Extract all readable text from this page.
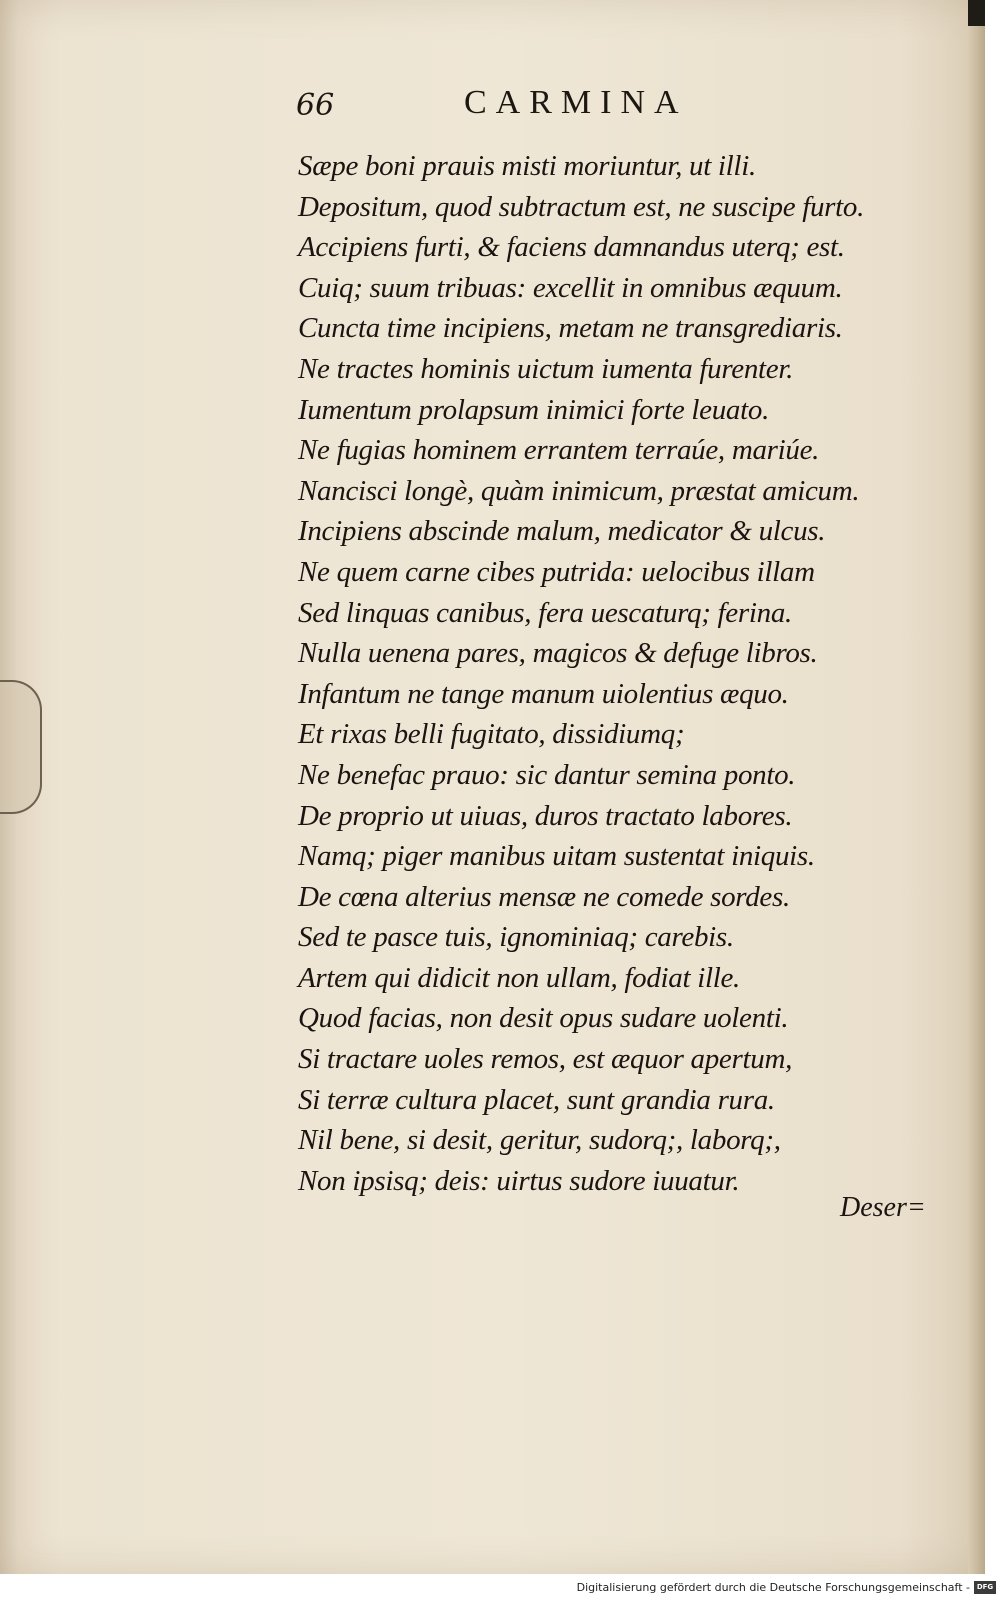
66	CARMINA
Sæpe boni prauis misti moriuntur, ut illi.
Depositum, quod subtractum est, ne suscipe furto.
Accipiens furti, & faciens damnandus uterq; est.
Cuiq; suum tribuas: excellit in omnibus æquum.
Cuncta time incipiens, metam ne transgrediaris.
Ne tractes hominis uictum iumenta furenter.
Iumentum prolapsum inimici forte leuato.
Ne fugias hominem errantem terraúe, mariúe.
Nancisci longè, quàm inimicum, præstat amicum.
Incipiens abscinde malum, medicator & ulcus.
Ne quem carne cibes putrida: uelocibus illam
Sed linquas canibus, fera uescaturq; ferina.
Nulla uenena pares, magicos & defuge libros.
Infantum ne tange manum uiolentius æquo.
Et rixas belli fugitato, dissidiumq;
Ne benefac prauo: sic dantur semina ponto.
De proprio ut uiuas, duros tractato labores.
Namq; piger manibus uitam sustentat iniquis.
De cœna alterius mensæ ne comede sordes.
Sed te pasce tuis, ignominiaq; carebis.
Artem qui didicit non ullam, fodiat ille.
Quod facias, non desit opus sudare uolenti.
Si tractare uoles remos, est æquor apertum,
Si terræ cultura placet, sunt grandia rura.
Nil bene, si desit, geritur, sudorq;, laborq;,
Non ipsisq; deis: uirtus sudore iuuatur.
Deser=
Digitalisierung gefördert durch die Deutsche Forschungsgemeinschaft - DFG
